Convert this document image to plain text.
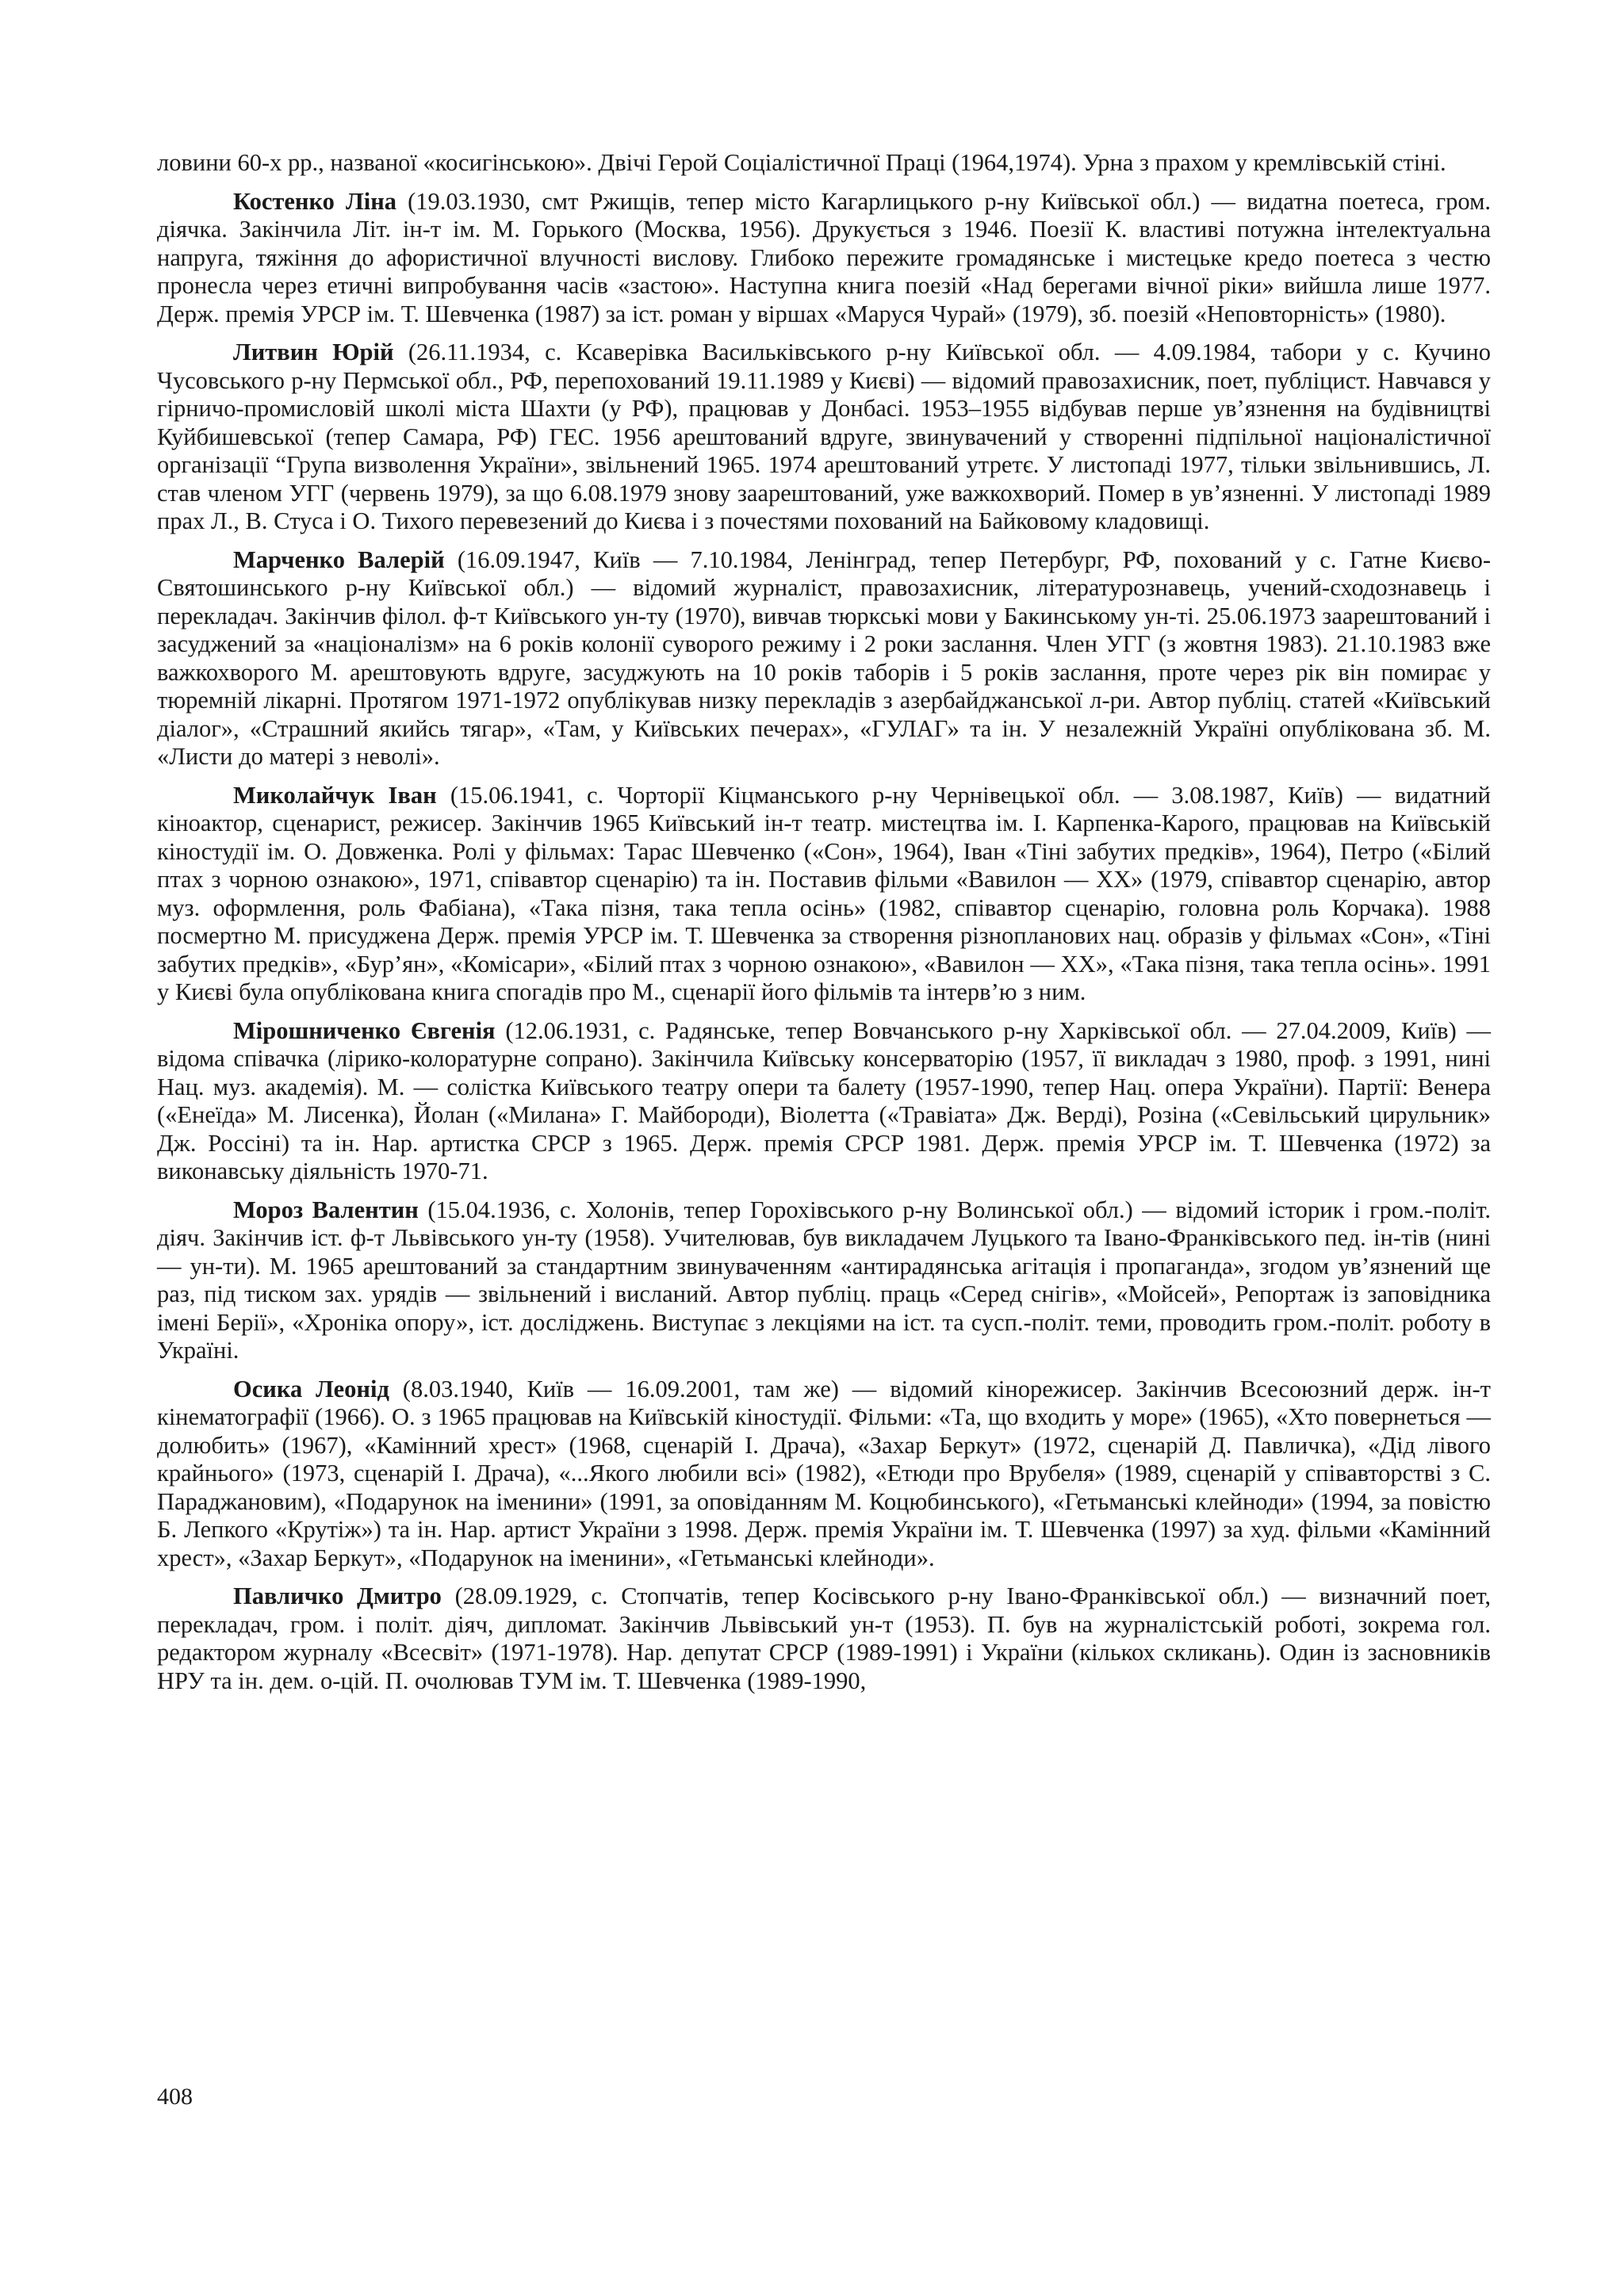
ловини 60-х рр., названої «косигінською». Двічі Герой Соціалістичної Праці (1964,1974). Урна з прахом у кремлівській стіні.

Костенко Ліна (19.03.1930, смт Ржищів, тепер місто Кагарлицького р-ну Київської обл.) — видатна поетеса, гром. діячка. Закінчила Літ. ін-т ім. М. Горького (Москва, 1956). Друкується з 1946. Поезії К. властиві потужна інтелектуальна напруга, тяжіння до афористичної влучності вислову. Глибоко пережите громадянське і мистецьке кредо поетеса з честю пронесла через етичні випробування часів «застою». Наступна книга поезій «Над берегами вічної ріки» вийшла лише 1977. Держ. премія УРСР ім. Т. Шевченка (1987) за іст. роман у віршах «Маруся Чурай» (1979), зб. поезій «Неповторність» (1980).

Литвин Юрій (26.11.1934, с. Ксаверівка Васильківського р-ну Київської обл. — 4.09.1984, табори у с. Кучино Чусовського р-ну Пермської обл., РФ, перепохований 19.11.1989 у Києві) — відомий правозахисник, поет, публіцист. Навчався у гірничо-промисловій школі міста Шахти (у РФ), працював у Донбасі. 1953–1955 відбував перше ув’язнення на будівництві Куйбишевської (тепер Самара, РФ) ГЕС. 1956 арештований вдруге, звинувачений у створенні підпільної націоналістичної організації “Група визволення України», звільнений 1965. 1974 арештований утретє. У листопаді 1977, тільки звільнившись, Л. став членом УГГ (червень 1979), за що 6.08.1979 знову заарештований, уже важкохворий. Помер в ув’язненні. У листопаді 1989 прах Л., В. Стуса і О. Тихого перевезений до Києва і з почестями похований на Байковому кладовищі.

Марченко Валерій (16.09.1947, Київ — 7.10.1984, Ленінград, тепер Петербург, РФ, похований у с. Гатне Києво-Святошинського р-ну Київської обл.) — відомий журналіст, правозахисник, літературознавець, учений-сходознавець і перекладач. Закінчив філол. ф-т Київського ун-ту (1970), вивчав тюркські мови у Бакинському ун-ті. 25.06.1973 заарештований і засуджений за «націоналізм» на 6 років колонії суворого режиму і 2 роки заслання. Член УГГ (з жовтня 1983). 21.10.1983 вже важкохворого М. арештовують вдруге, засуджують на 10 років таборів і 5 років заслання, проте через рік він помирає у тюремній лікарні. Протягом 1971-1972 опублікував низку перекладів з азербайджанської л-ри. Автор публіц. статей «Київський діалог», «Страшний якийсь тягар», «Там, у Київських печерах», «ГУЛАГ» та ін. У незалежній Україні опублікована зб. М. «Листи до матері з неволі».

Миколайчук Іван (15.06.1941, с. Чорторії Кіцманського р-ну Чернівецької обл. — 3.08.1987, Київ) — видатний кіноактор, сценарист, режисер. Закінчив 1965 Київський ін-т театр. мистецтва ім. І. Карпенка-Карого, працював на Київській кіностудії ім. О. Довженка. Ролі у фільмах: Тарас Шевченко («Сон», 1964), Іван «Тіні забутих предків», 1964), Петро («Білий птах з чорною ознакою», 1971, співавтор сценарію) та ін. Поставив фільми «Вавилон — XX» (1979, співавтор сценарію, автор муз. оформлення, роль Фабіана), «Така пізня, така тепла осінь» (1982, співавтор сценарію, головна роль Корчака). 1988 посмертно М. присуджена Держ. премія УРСР ім. Т. Шевченка за створення різнопланових нац. образів у фільмах «Сон», «Тіні забутих предків», «Бур’ян», «Комісари», «Білий птах з чорною ознакою», «Вавилон — XX», «Така пізня, така тепла осінь». 1991 у Києві була опублікована книга спогадів про М., сценарії його фільмів та інтерв’ю з ним.

Мірошниченко Євгенія (12.06.1931, с. Радянське, тепер Вовчанського р-ну Харківської обл. — 27.04.2009, Київ) — відома співачка (лірико-колоратурне сопрано). Закінчила Київську консерваторію (1957, її викладач з 1980, проф. з 1991, нині Нац. муз. академія). М. — солістка Київського театру опери та балету (1957-1990, тепер Нац. опера України). Партії: Венера («Енеїда» М. Лисенка), Йолан («Милана» Г. Майбороди), Віолетта («Травіата» Дж. Верді), Розіна («Севільський цирульник» Дж. Россіні) та ін. Нар. артистка СРСР з 1965. Держ. премія СРСР 1981. Держ. премія УРСР ім. Т. Шевченка (1972) за виконавську діяльність 1970-71.

Мороз Валентин (15.04.1936, с. Холонів, тепер Горохівського р-ну Волинської обл.) — відомий історик і гром.-політ. діяч. Закінчив іст. ф-т Львівського ун-ту (1958). Учителював, був викладачем Луцького та Івано-Франківського пед. ін-тів (нині — ун-ти). М. 1965 арештований за стандартним звинуваченням «антирадянська агітація і пропаганда», згодом ув’язнений ще раз, під тиском зах. урядів — звільнений і висланий. Автор публіц. праць «Серед снігів», «Мойсей», Репортаж із заповідника імені Берії», «Хроніка опору», іст. досліджень. Виступає з лекціями на іст. та сусп.-політ. теми, проводить гром.-політ. роботу в Україні.

Осика Леонід (8.03.1940, Київ — 16.09.2001, там же) — відомий кінорежисер. Закінчив Всесоюзний держ. ін-т кінематографії (1966). О. з 1965 працював на Київській кіностудії. Фільми: «Та, що входить у море» (1965), «Хто повернеться — долюбить» (1967), «Камінний хрест» (1968, сценарій І. Драча), «Захар Беркут» (1972, сценарій Д. Павличка), «Дід лівого крайнього» (1973, сценарій І. Драча), «...Якого любили всі» (1982), «Етюди про Врубеля» (1989, сценарій у співавторстві з С. Параджановим), «Подарунок на іменини» (1991, за оповіданням М. Коцюбинського), «Гетьманські клейноди» (1994, за повістю Б. Лепкого «Крутіж») та ін. Нар. артист України з 1998. Держ. премія України ім. Т. Шевченка (1997) за худ. фільми «Камінний хрест», «Захар Беркут», «Подарунок на іменини», «Гетьманські клейноди».

Павличко Дмитро (28.09.1929, с. Стопчатів, тепер Косівського р-ну Івано-Франківської обл.) — визначний поет, перекладач, гром. і політ. діяч, дипломат. Закінчив Львівський ун-т (1953). П. був на журналістській роботі, зокрема гол. редактором журналу «Всесвіт» (1971-1978). Нар. депутат СРСР (1989-1991) і України (кількох скликань). Один із засновників НРУ та ін. дем. о-цій. П. очолював ТУМ ім. Т. Шевченка (1989-1990,

408
